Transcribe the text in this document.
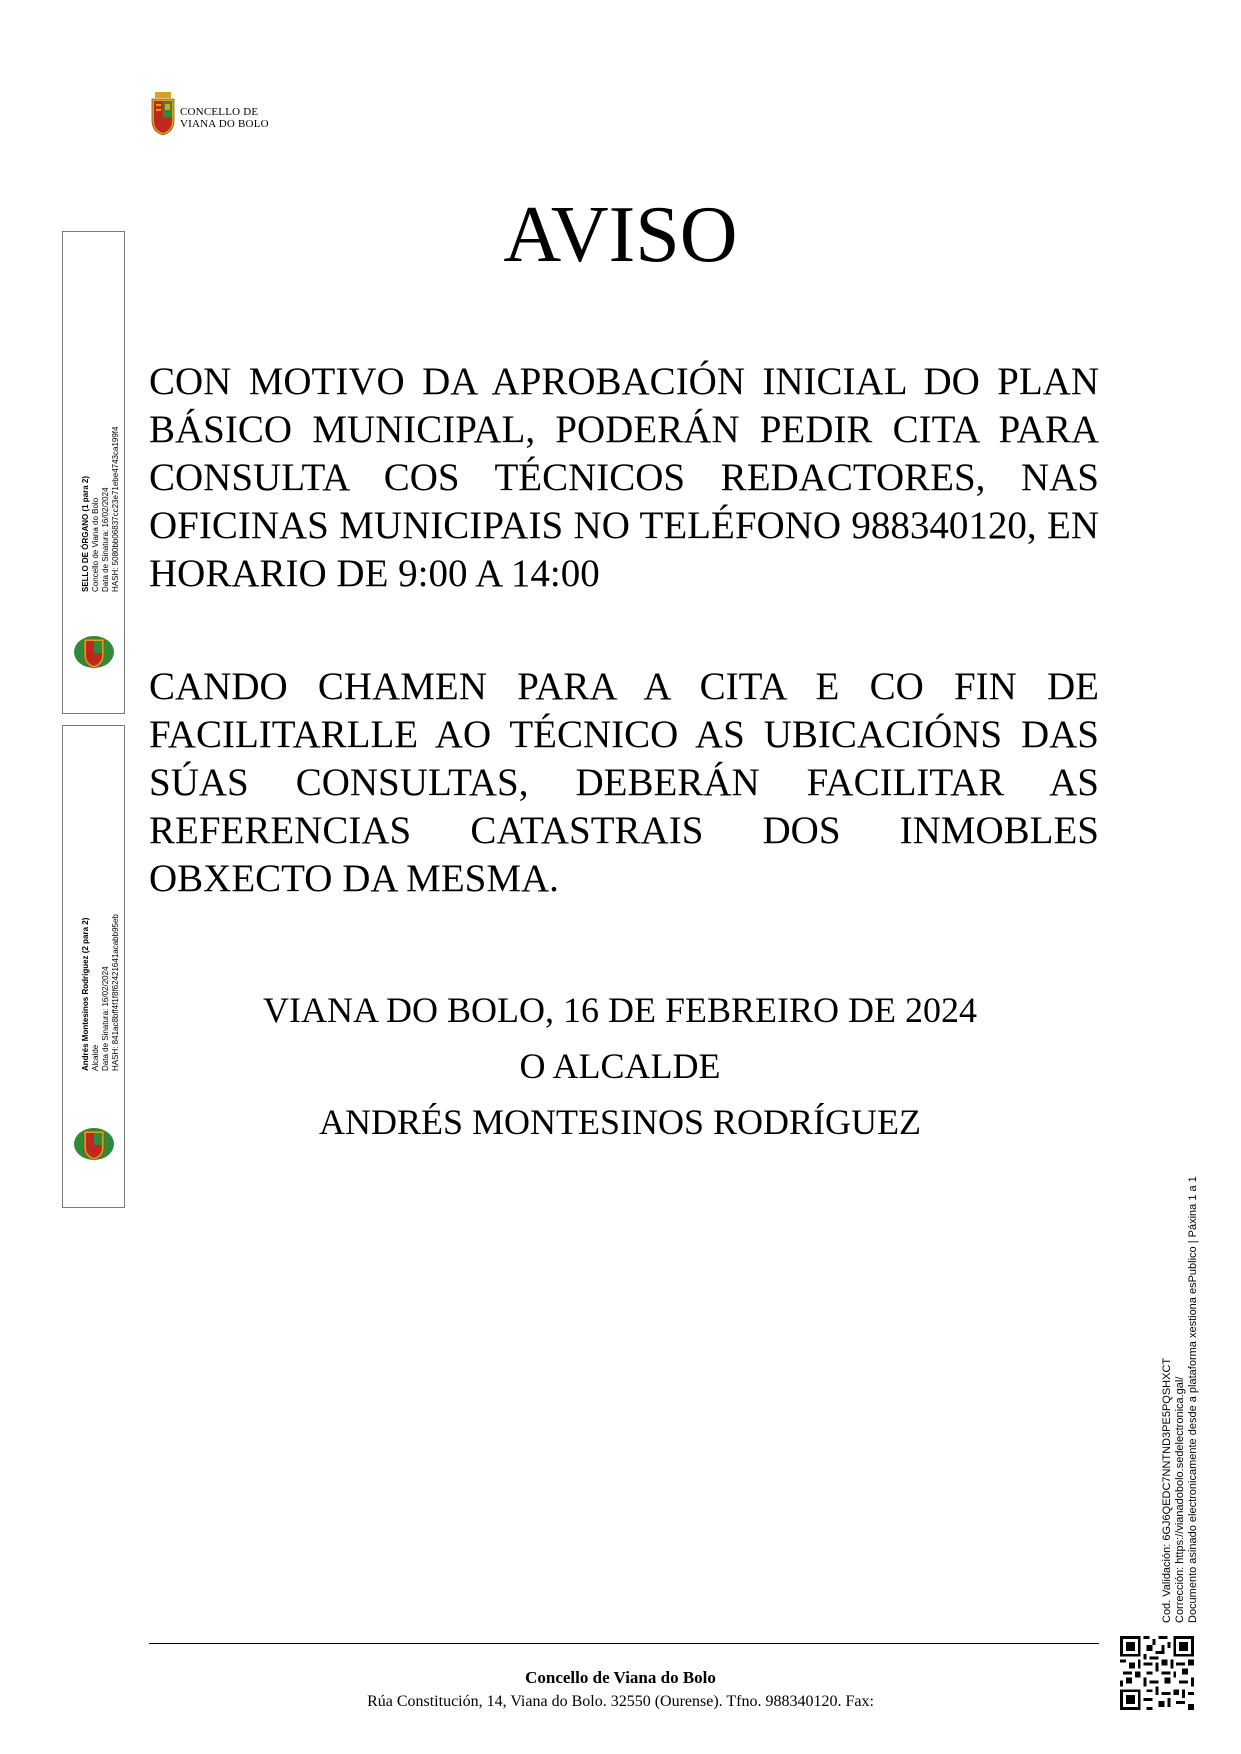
CONCELLO DE
VIANA DO BOLO
AVISO
CON MOTIVO DA APROBACIÓN INICIAL DO PLAN BÁSICO MUNICIPAL, PODERÁN PEDIR CITA PARA CONSULTA COS TÉCNICOS REDACTORES, NAS OFICINAS MUNICIPAIS NO TELÉFONO 988340120, EN HORARIO DE 9:00 A 14:00
CANDO CHAMEN PARA A CITA E CO FIN DE FACILITARLLE AO TÉCNICO AS UBICACIÓNS DAS SÚAS CONSULTAS, DEBERÁN FACILITAR AS REFERENCIAS CATASTRAIS DOS INMOBLES OBXECTO DA MESMA.
VIANA DO BOLO, 16 DE FEBREIRO DE 2024
O ALCALDE
ANDRÉS MONTESINOS RODRÍGUEZ
SELLO DE ÓRGANO (1 para 2) Concello de Viana do Bolo Data de Sinatura: 16/02/2024 HASH: 5080bb06837cc23e71ebe4743ca199f4
Andrés Montesinos Rodríguez (2 para 2) Alcalde Data de Sinatura: 16/02/2024 HASH: 841ac8bff4f1f8f62421641acabb95eb
Cod. Validación: 6GJ6QEDC7NNTND3PE5PQSHXCT Corrección: https://vianadobolo.sedelectronica.gal/ Documento asinado electronicamente desde a plataforma xestiona esPublico | Páxina 1 a 1
Concello de Viana do Bolo
Rúa Constitución, 14, Viana do Bolo. 32550 (Ourense). Tfno. 988340120. Fax:
